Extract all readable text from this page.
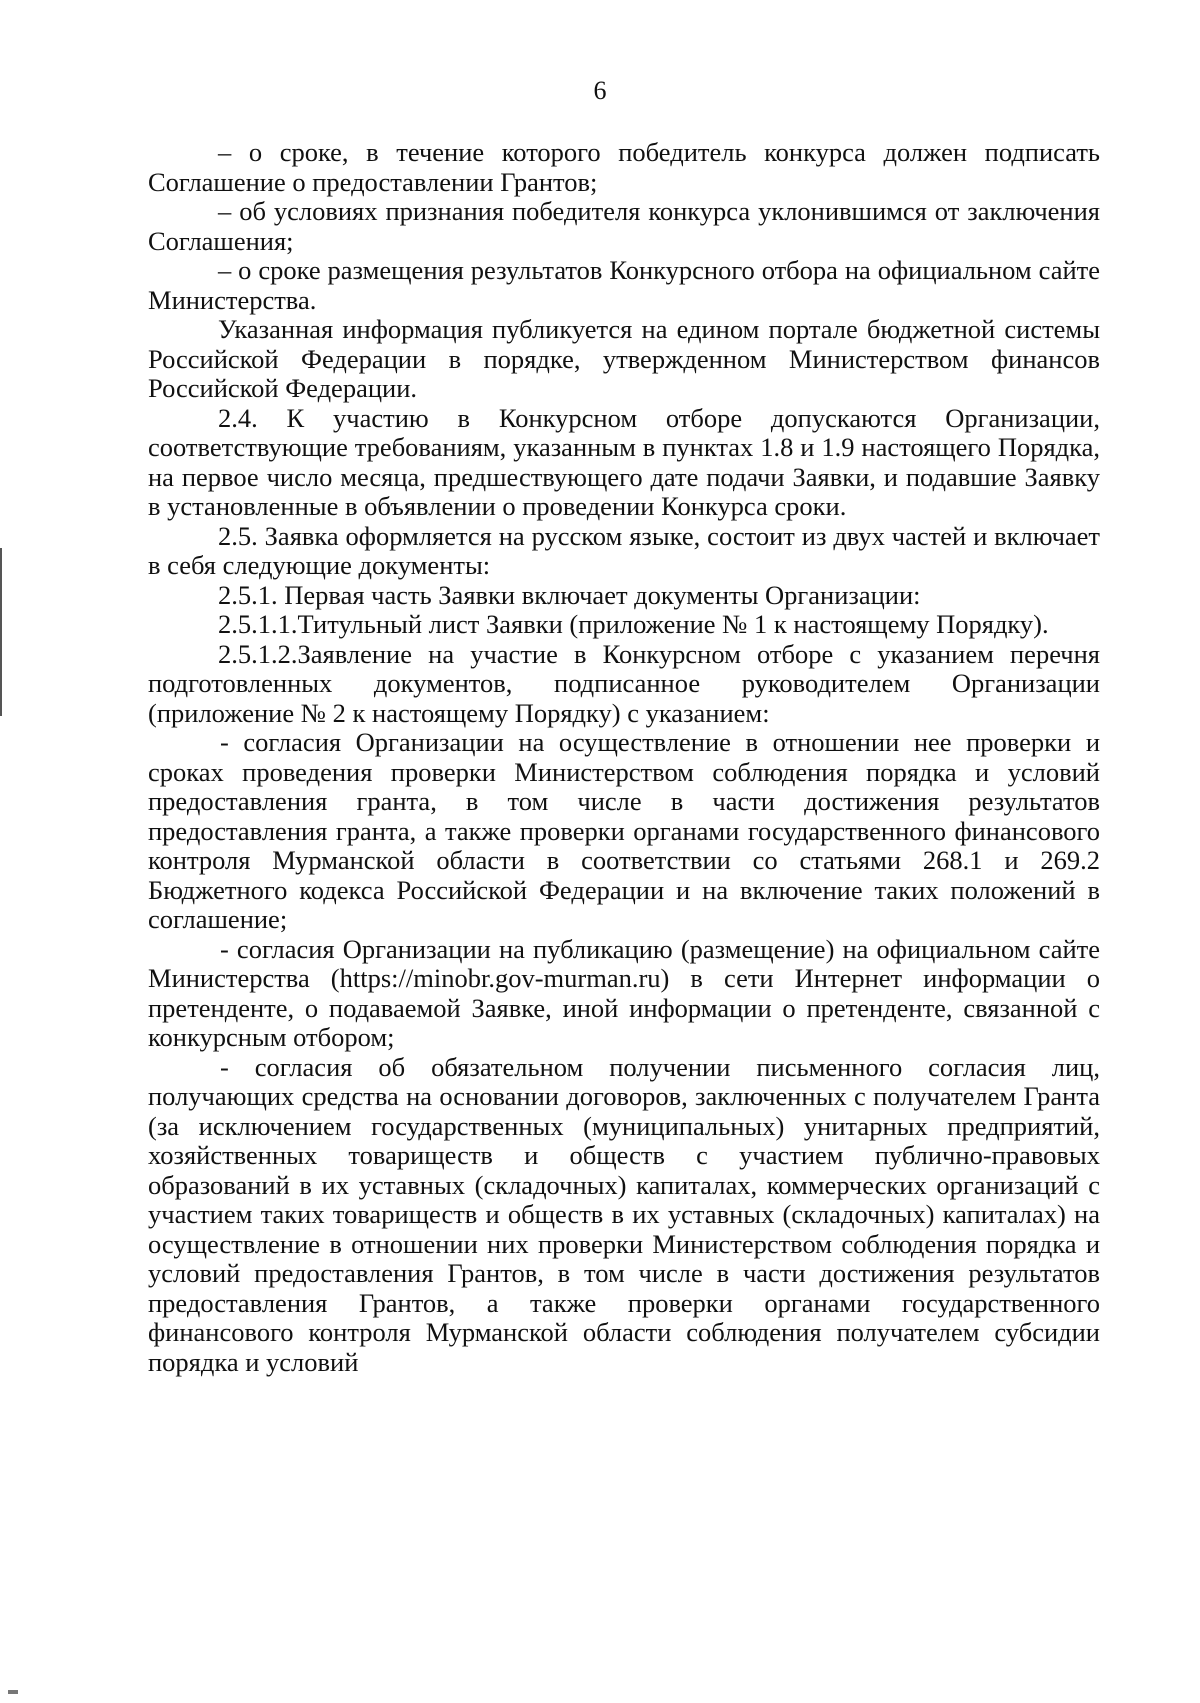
6

– о сроке, в течение которого победитель конкурса должен подписать Соглашение о предоставлении Грантов;

– об условиях признания победителя конкурса уклонившимся от заключения Соглашения;

– о сроке размещения результатов Конкурсного отбора на официальном сайте Министерства.

Указанная информация публикуется на едином портале бюджетной системы Российской Федерации в порядке, утвержденном Министерством финансов Российской Федерации.

2.4. К участию в Конкурсном отборе допускаются Организации, соответствующие требованиям, указанным в пунктах 1.8 и 1.9 настоящего Порядка, на первое число месяца, предшествующего дате подачи Заявки, и подавшие Заявку в установленные в объявлении о проведении Конкурса сроки.

2.5. Заявка оформляется на русском языке, состоит из двух частей и включает в себя следующие документы:

2.5.1. Первая часть Заявки включает документы Организации:

2.5.1.1.Титульный лист Заявки (приложение № 1 к настоящему Порядку).

2.5.1.2.Заявление на участие в Конкурсном отборе с указанием перечня подготовленных документов, подписанное руководителем Организации (приложение № 2 к настоящему Порядку) с указанием:

- согласия Организации на осуществление в отношении нее проверки и сроках проведения проверки Министерством соблюдения порядка и условий предоставления гранта, в том числе в части достижения результатов предоставления гранта, а также проверки органами государственного финансового контроля Мурманской области в соответствии со статьями 268.1 и 269.2 Бюджетного кодекса Российской Федерации и на включение таких положений в соглашение;

- согласия Организации на публикацию (размещение) на официальном сайте Министерства (https://minobr.gov-murman.ru) в сети Интернет информации о претенденте, о подаваемой Заявке, иной информации о претенденте, связанной с конкурсным отбором;

- согласия об обязательном получении письменного согласия лиц, получающих средства на основании договоров, заключенных с получателем Гранта (за исключением государственных (муниципальных) унитарных предприятий, хозяйственных товариществ и обществ с участием публично-правовых образований в их уставных (складочных) капиталах, коммерческих организаций с участием таких товариществ и обществ в их уставных (складочных) капиталах) на осуществление в отношении них проверки Министерством соблюдения порядка и условий предоставления Грантов, в том числе в части достижения результатов предоставления Грантов, а также проверки органами государственного финансового контроля Мурманской области соблюдения получателем субсидии порядка и условий
